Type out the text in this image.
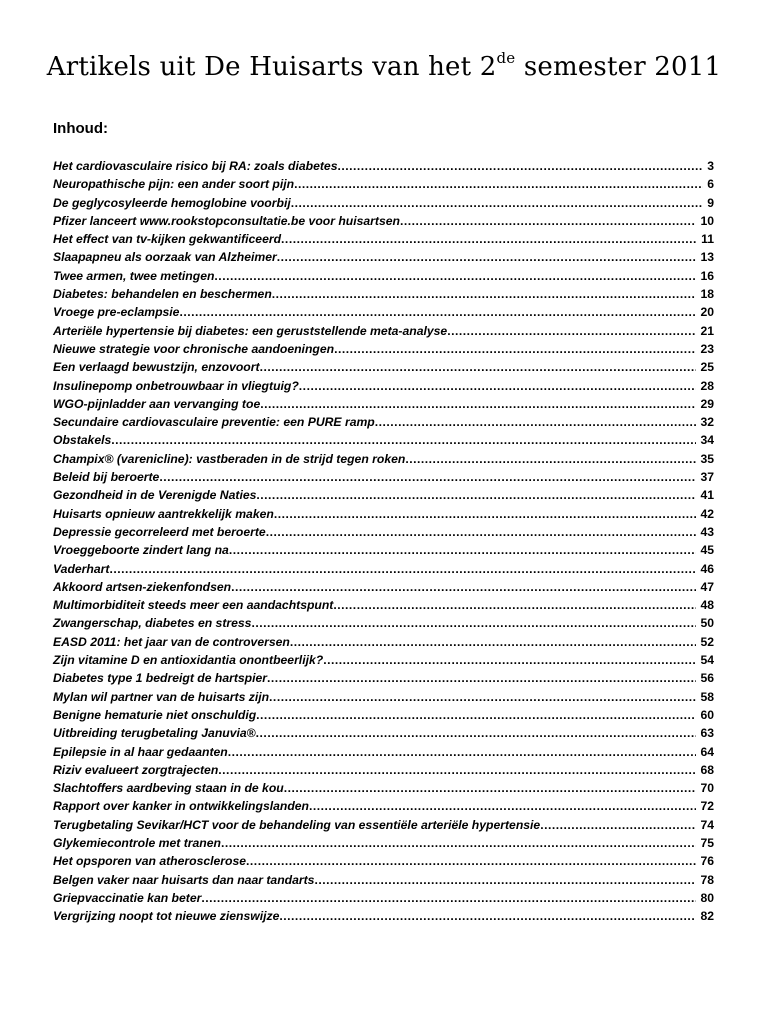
Artikels uit De Huisarts van het 2de semester 2011
Inhoud:
Het cardiovasculaire risico bij RA: zoals diabetes .....	3
Neuropathische pijn: een ander soort pijn .....	6
De geglycosyleerde hemoglobine voorbij .....	9
Pfizer lanceert www.rookstopconsultatie.be voor huisartsen .....	10
Het effect van tv-kijken gekwantificeerd .....	11
Slaapapneu als oorzaak van Alzheimer .....	13
Twee armen, twee metingen .....	16
Diabetes: behandelen en beschermen .....	18
Vroege pre-eclampsie .....	20
Arteriële hypertensie bij diabetes: een geruststellende meta-analyse .....	21
Nieuwe strategie voor chronische aandoeningen .....	23
Een verlaagd bewustzijn, enzovoort .....	25
Insulinepomp onbetrouwbaar in vliegtuig? .....	28
WGO-pijnladder aan vervanging toe .....	29
Secundaire cardiovasculaire preventie: een PURE ramp .....	32
Obstakels .....	34
Champix® (varenicline): vastberaden in de strijd tegen roken .....	35
Beleid bij beroerte .....	37
Gezondheid in de Verenigde Naties .....	41
Huisarts opnieuw aantrekkelijk maken .....	42
Depressie gecorreleerd met beroerte .....	43
Vroeggeboorte zindert lang na .....	45
Vaderhart .....	46
Akkoord artsen-ziekenfondsen .....	47
Multimorbiditeit steeds meer een aandachtspunt .....	48
Zwangerschap, diabetes en stress .....	50
EASD 2011: het jaar van de controversen .....	52
Zijn vitamine D en antioxidantia onontbeerlijk? .....	54
Diabetes type 1 bedreigt de hartspier .....	56
Mylan wil partner van de huisarts zijn .....	58
Benigne hematurie niet onschuldig .....	60
Uitbreiding terugbetaling Januvia® .....	63
Epilepsie in al haar gedaanten .....	64
Riziv evalueert zorgtrajecten .....	68
Slachtoffers aardbeving staan in de kou .....	70
Rapport over kanker in ontwikkelingslanden .....	72
Terugbetaling Sevikar/HCT voor de behandeling van essentiële arteriële hypertensie .....	74
Glykemiecontrole met tranen .....	75
Het opsporen van atherosclerose .....	76
Belgen vaker naar huisarts dan naar tandarts .....	78
Griepvaccinatie kan beter .....	80
Vergrijzing noopt tot nieuwe zienswijze .....	82
